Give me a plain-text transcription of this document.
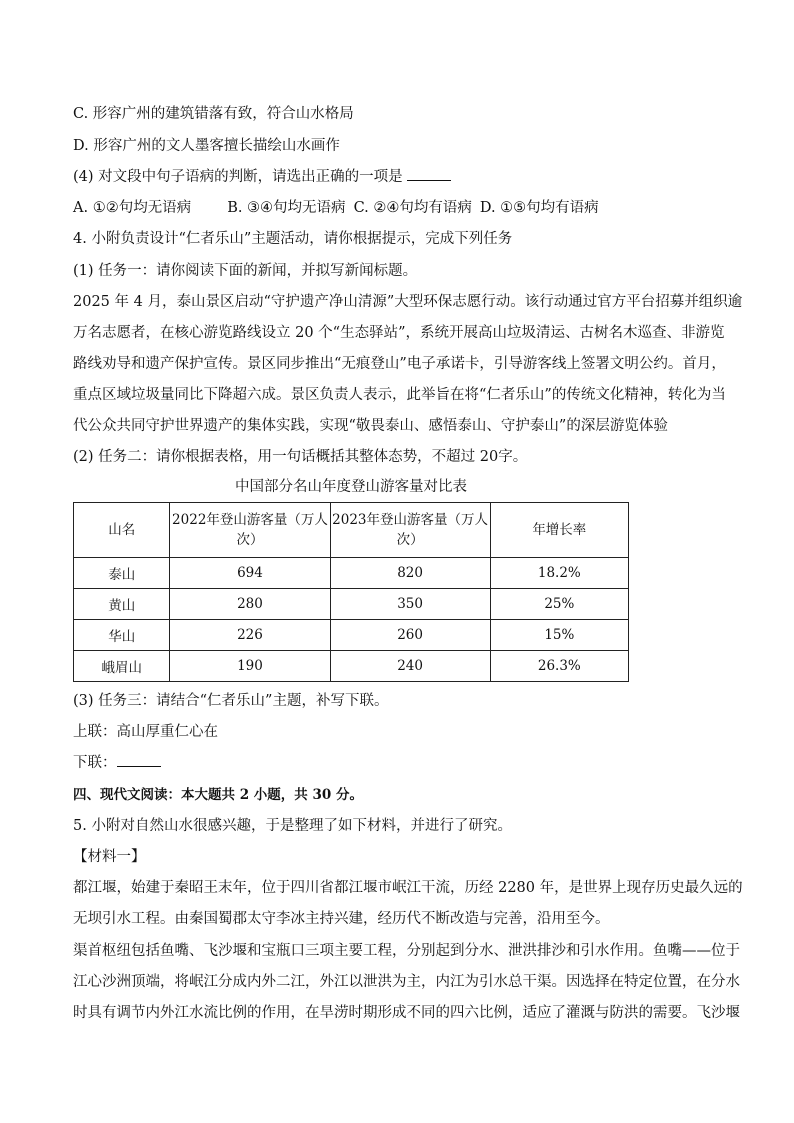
C. 形容广州的建筑错落有致，符合山水格局
D. 形容广州的文人墨客擅长描绘山水画作
(4) 对文段中句子语病的判断，请选出正确的一项是
A. ①②句均无语病 B. ③④句均无语病 C. ②④句均有语病 D. ①⑤句均有语病
4. 小附负责设计“仁者乐山”主题活动，请你根据提示，完成下列任务
(1) 任务一：请你阅读下面的新闻，并拟写新闻标题。
2025 年 4 月，泰山景区启动“守护遗产净山清源”大型环保志愿行动。该行动通过官方平台招募并组织逾
万名志愿者，在核心游览路线设立 20 个“生态驿站”，系统开展高山垃圾清运、古树名木巡查、非游览
路线劝导和遗产保护宣传。景区同步推出“无痕登山”电子承诺卡，引导游客线上签署文明公约。首月，
重点区域垃圾量同比下降超六成。景区负责人表示，此举旨在将“仁者乐山”的传统文化精神，转化为当
代公众共同守护世界遗产的集体实践，实现“敬畏泰山、感悟泰山、守护泰山”的深层游览体验
(2) 任务二：请你根据表格，用一句话概括其整体态势，不超过 20字。
中国部分名山年度登山游客量对比表
山名	2022年登山游客量（万人次）	2023年登山游客量（万人次）	年增长率
泰山	694	820	18.2%
黄山	280	350	25%
华山	226	260	15%
峨眉山	190	240	26.3%
(3) 任务三：请结合“仁者乐山”主题，补写下联。
上联：高山厚重仁心在
下联：
四、现代文阅读：本大题共 2 小题，共 30 分。
5. 小附对自然山水很感兴趣，于是整理了如下材料，并进行了研究。
【材料一】
都江堰，始建于秦昭王末年，位于四川省都江堰市岷江干流，历经 2280 年，是世界上现存历史最久远的
无坝引水工程。由秦国蜀郡太守李冰主持兴建，经历代不断改造与完善，沿用至今。
渠首枢纽包括鱼嘴、飞沙堰和宝瓶口三项主要工程，分别起到分水、泄洪排沙和引水作用。鱼嘴——位于
江心沙洲顶端，将岷江分成内外二江，外江以泄洪为主，内江为引水总干渠。因选择在特定位置，在分水
时具有调节内外江水流比例的作用，在旱涝时期形成不同的四六比例，适应了灌溉与防洪的需要。飞沙堰
